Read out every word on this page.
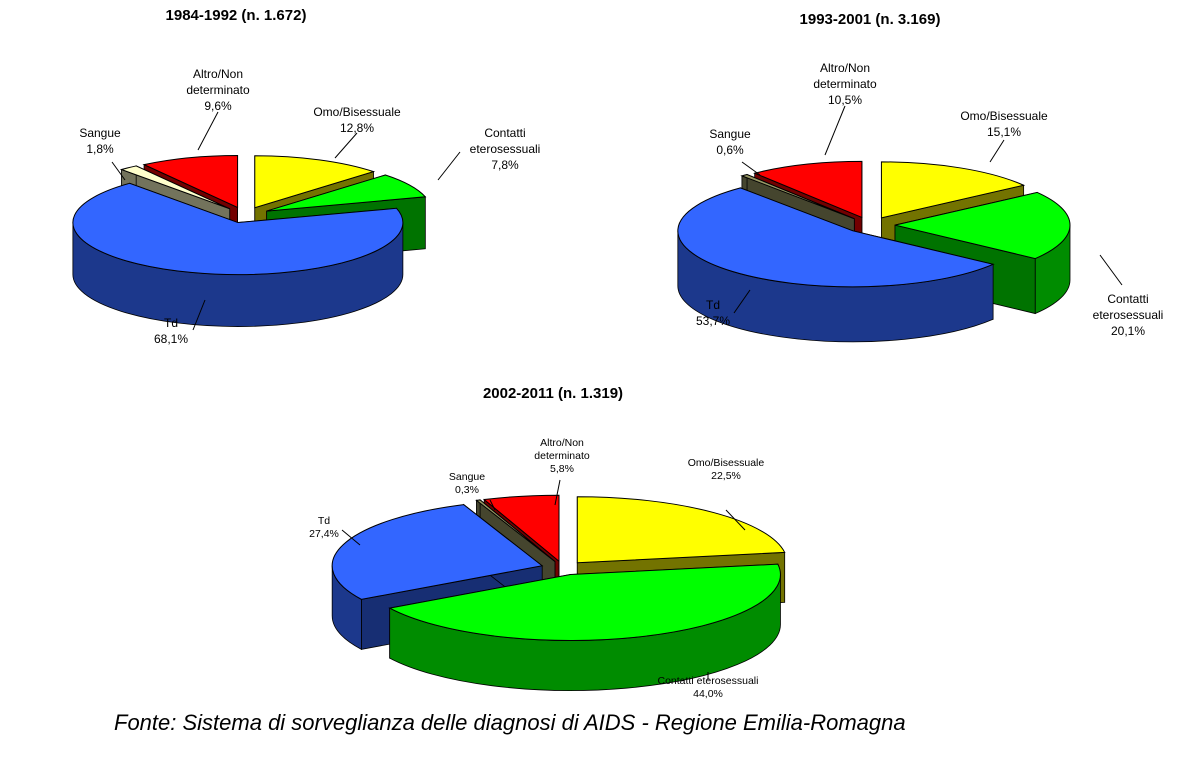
1984-1992 (n. 1.672)
Omo/Bisessuale
12,8%	Contatti
eterosessuali
7,8%
Td
68,1%
Sangue
1,8%
Altro/Non
determinato
9,6%
1993-2001 (n. 3.169)
Omo/Bisessuale
15,1%
Contatti
eterosessuali
20,1%
Td
53,7%
Sangue
0,6%
Altro/Non
determinato
10,5%
2002-2011 (n. 1.319)
Omo/Bisessuale
22,5%
Contatti eterosessuali
44,0%
Td
27,4%
Sangue
0,3%
Altro/Non
determinato
5,8%
Fonte: Sistema di sorveglianza delle diagnosi di AIDS - Regione Emilia-Romagna
